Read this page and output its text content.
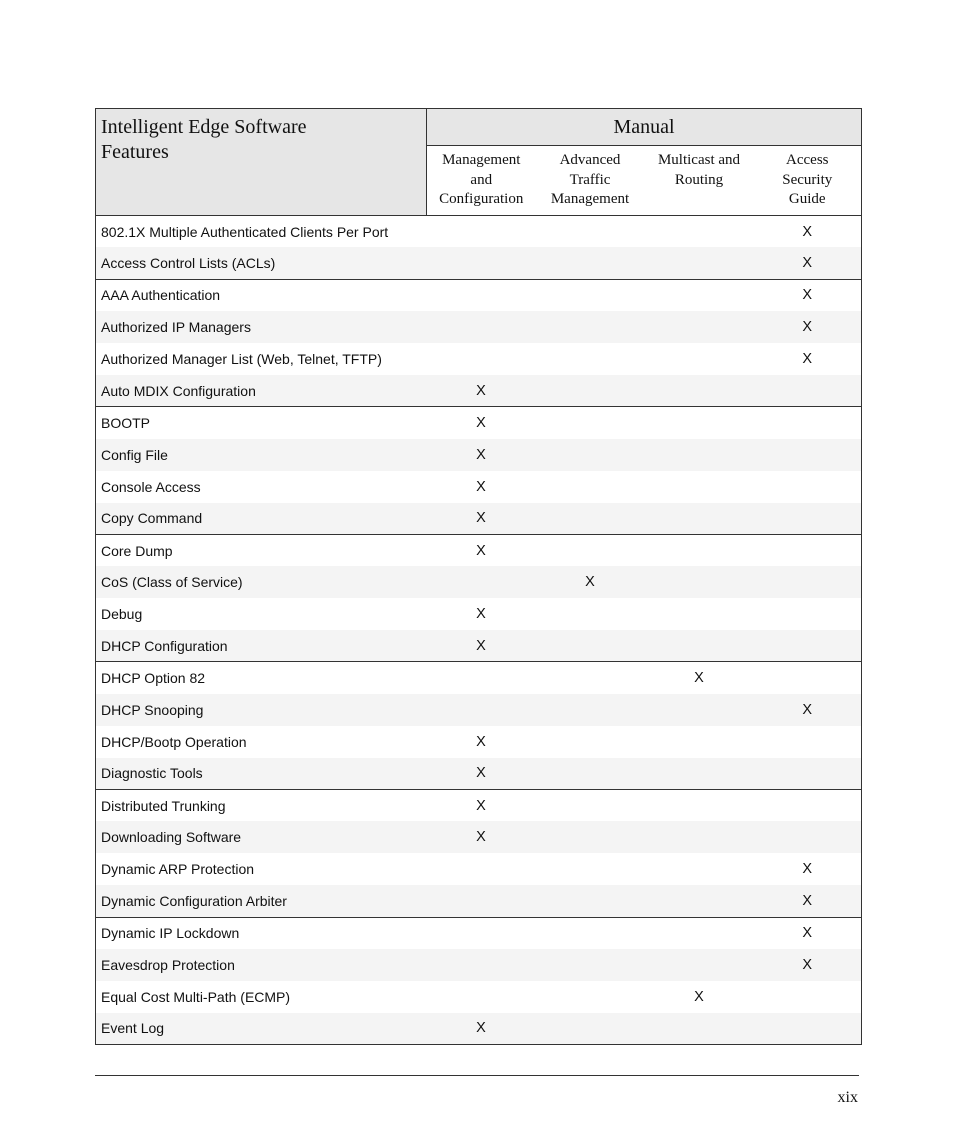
Intelligent Edge Software
Features	Manual			
	Management
and
Configuration	Advanced
Traffic
Management	Multicast and
Routing	Access
Security
Guide
802.1X Multiple Authenticated Clients Per Port				X
Access Control Lists (ACLs)				X
AAA Authentication				X
Authorized IP Managers				X
Authorized Manager List (Web, Telnet, TFTP)				X
Auto MDIX Configuration	X			
BOOTP	X			
Config File	X			
Console Access	X			
Copy Command	X			
Core Dump	X			
CoS (Class of Service)		X		
Debug	X			
DHCP Configuration	X			
DHCP Option 82			X	
DHCP Snooping				X
DHCP/Bootp Operation	X			
Diagnostic Tools	X			
Distributed Trunking	X			
Downloading Software	X			
Dynamic ARP Protection				X
Dynamic Configuration Arbiter				X
Dynamic IP Lockdown				X
Eavesdrop Protection				X
Equal Cost Multi-Path (ECMP)			X	
Event Log	X			
xix
